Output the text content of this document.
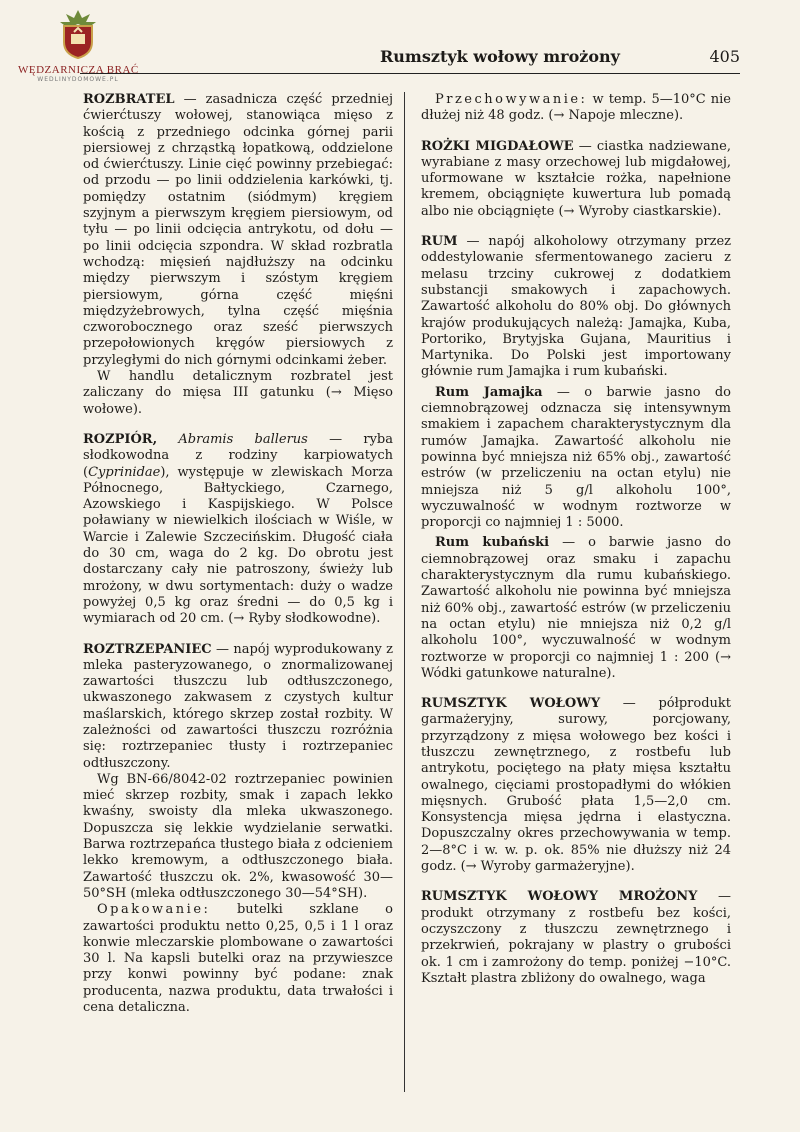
WĘDZARNICZA BRAĆ
WEDLINYDOMOWE.PL
Rumsztyk wołowy mrożony	405

ROZBRATEL — zasadnicza część przedniej ćwierćtuszy wołowej, stanowiąca mięso z kością z przedniego odcinka górnej parii piersiowej z chrząstką łopatkową, oddzielone od ćwierćtuszy. Linie cięć powinny przebiegać: od przodu — po linii oddzielenia karkówki, tj. pomiędzy ostatnim (siódmym) kręgiem szyjnym a pierwszym kręgiem piersiowym, od tyłu — po linii odcięcia antrykotu, od dołu — po linii odcięcia szpondra. W skład rozbratla wchodzą: mięsień najdłuższy na odcinku między pierwszym i szóstym kręgiem piersiowym, górna część mięśni międzyżebrowych, tylna część mięśnia czworobocznego oraz sześć pierwszych przepołowionych kręgów piersiowych z przyległymi do nich górnymi odcinkami żeber.

W handlu detalicznym rozbratel jest zaliczany do mięsa III gatunku (→ Mięso wołowe).

ROZPIÓR, Abramis ballerus — ryba słodkowodna z rodziny karpiowatych (Cyprinidae), występuje w zlewiskach Morza Północnego, Bałtyckiego, Czarnego, Azowskiego i Kaspijskiego. W Polsce poławiany w niewielkich ilościach w Wiśle, w Warcie i Zalewie Szczecińskim. Długość ciała do 30 cm, waga do 2 kg. Do obrotu jest dostarczany cały nie patroszony, świeży lub mrożony, w dwu sortymentach: duży o wadze powyżej 0,5 kg oraz średni — do 0,5 kg i wymiarach od 20 cm. (→ Ryby słodkowodne).

ROZTRZEPANIEC — napój wyprodukowany z mleka pasteryzowanego, o znormalizowanej zawartości tłuszczu lub odtłuszczonego, ukwaszonego zakwasem z czystych kultur maślarskich, którego skrzep został rozbity. W zależności od zawartości tłuszczu rozróżnia się: roztrzepaniec tłusty i roztrzepaniec odtłuszczony.

Wg BN-66/8042-02 roztrzepaniec powinien mieć skrzep rozbity, smak i zapach lekko kwaśny, swoisty dla mleka ukwaszonego. Dopuszcza się lekkie wydzielanie serwatki. Barwa roztrzepańca tłustego biała z odcieniem lekko kremowym, a odtłuszczonego biała. Zawartość tłuszczu ok. 2%, kwasowość 30—50°SH (mleka odtłuszczonego 30—54°SH).

Opakowanie: butelki szklane o zawartości produktu netto 0,25, 0,5 i 1 l oraz konwie mleczarskie plombowane o zawartości 30 l. Na kapsli butelki oraz na przywieszce przy konwi powinny być podane: znak producenta, nazwa produktu, data trwałości i cena detaliczna.

Przechowywanie: w temp. 5—10°C nie dłużej niż 48 godz. (→ Napoje mleczne).

ROŻKI MIGDAŁOWE — ciastka nadziewane, wyrabiane z masy orzechowej lub migdałowej, uformowane w kształcie rożka, napełnione kremem, obciągnięte kuwertura lub pomadą albo nie obciągnięte (→ Wyroby ciastkarskie).

RUM — napój alkoholowy otrzymany przez oddestylowanie sfermentowanego zacieru z melasu trzciny cukrowej z dodatkiem substancji smakowych i zapachowych. Zawartość alkoholu do 80% obj. Do głównych krajów produkujących należą: Jamajka, Kuba, Portoriko, Brytyjska Gujana, Mauritius i Martynika. Do Polski jest importowany głównie rum Jamajka i rum kubański.

Rum Jamajka — o barwie jasno do ciemnobrązowej odznacza się intensywnym smakiem i zapachem charakterystycznym dla rumów Jamajka. Zawartość alkoholu nie powinna być mniejsza niż 65% obj., zawartość estrów (w przeliczeniu na octan etylu) nie mniejsza niż 5 g/l alkoholu 100°, wyczuwalność w wodnym roztworze w proporcji co najmniej 1 : 5000.

Rum kubański — o barwie jasno do ciemnobrązowej oraz smaku i zapachu charakterystycznym dla rumu kubańskiego. Zawartość alkoholu nie powinna być mniejsza niż 60% obj., zawartość estrów (w przeliczeniu na octan etylu) nie mniejsza niż 0,2 g/l alkoholu 100°, wyczuwalność w wodnym roztworze w proporcji co najmniej 1 : 200 (→ Wódki gatunkowe naturalne).

RUMSZTYK WOŁOWY — półprodukt garmażeryjny, surowy, porcjowany, przyrządzony z mięsa wołowego bez kości i tłuszczu zewnętrznego, z rostbefu lub antrykotu, pociętego na płaty mięsa kształtu owalnego, cięciami prostopadłymi do włókien mięsnych. Grubość płata 1,5—2,0 cm. Konsystencja mięsa jędrna i elastyczna. Dopuszczalny okres przechowywania w temp. 2—8°C i w. w. p. ok. 85% nie dłuższy niż 24 godz. (→ Wyroby garmażeryjne).

RUMSZTYK WOŁOWY MROŻONY — produkt otrzymany z rostbefu bez kości, oczyszczony z tłuszczu zewnętrznego i przekrwień, pokrajany w plastry o grubości ok. 1 cm i zamrożony do temp. poniżej −10°C. Kształt plastra zbliżony do owalnego, waga
